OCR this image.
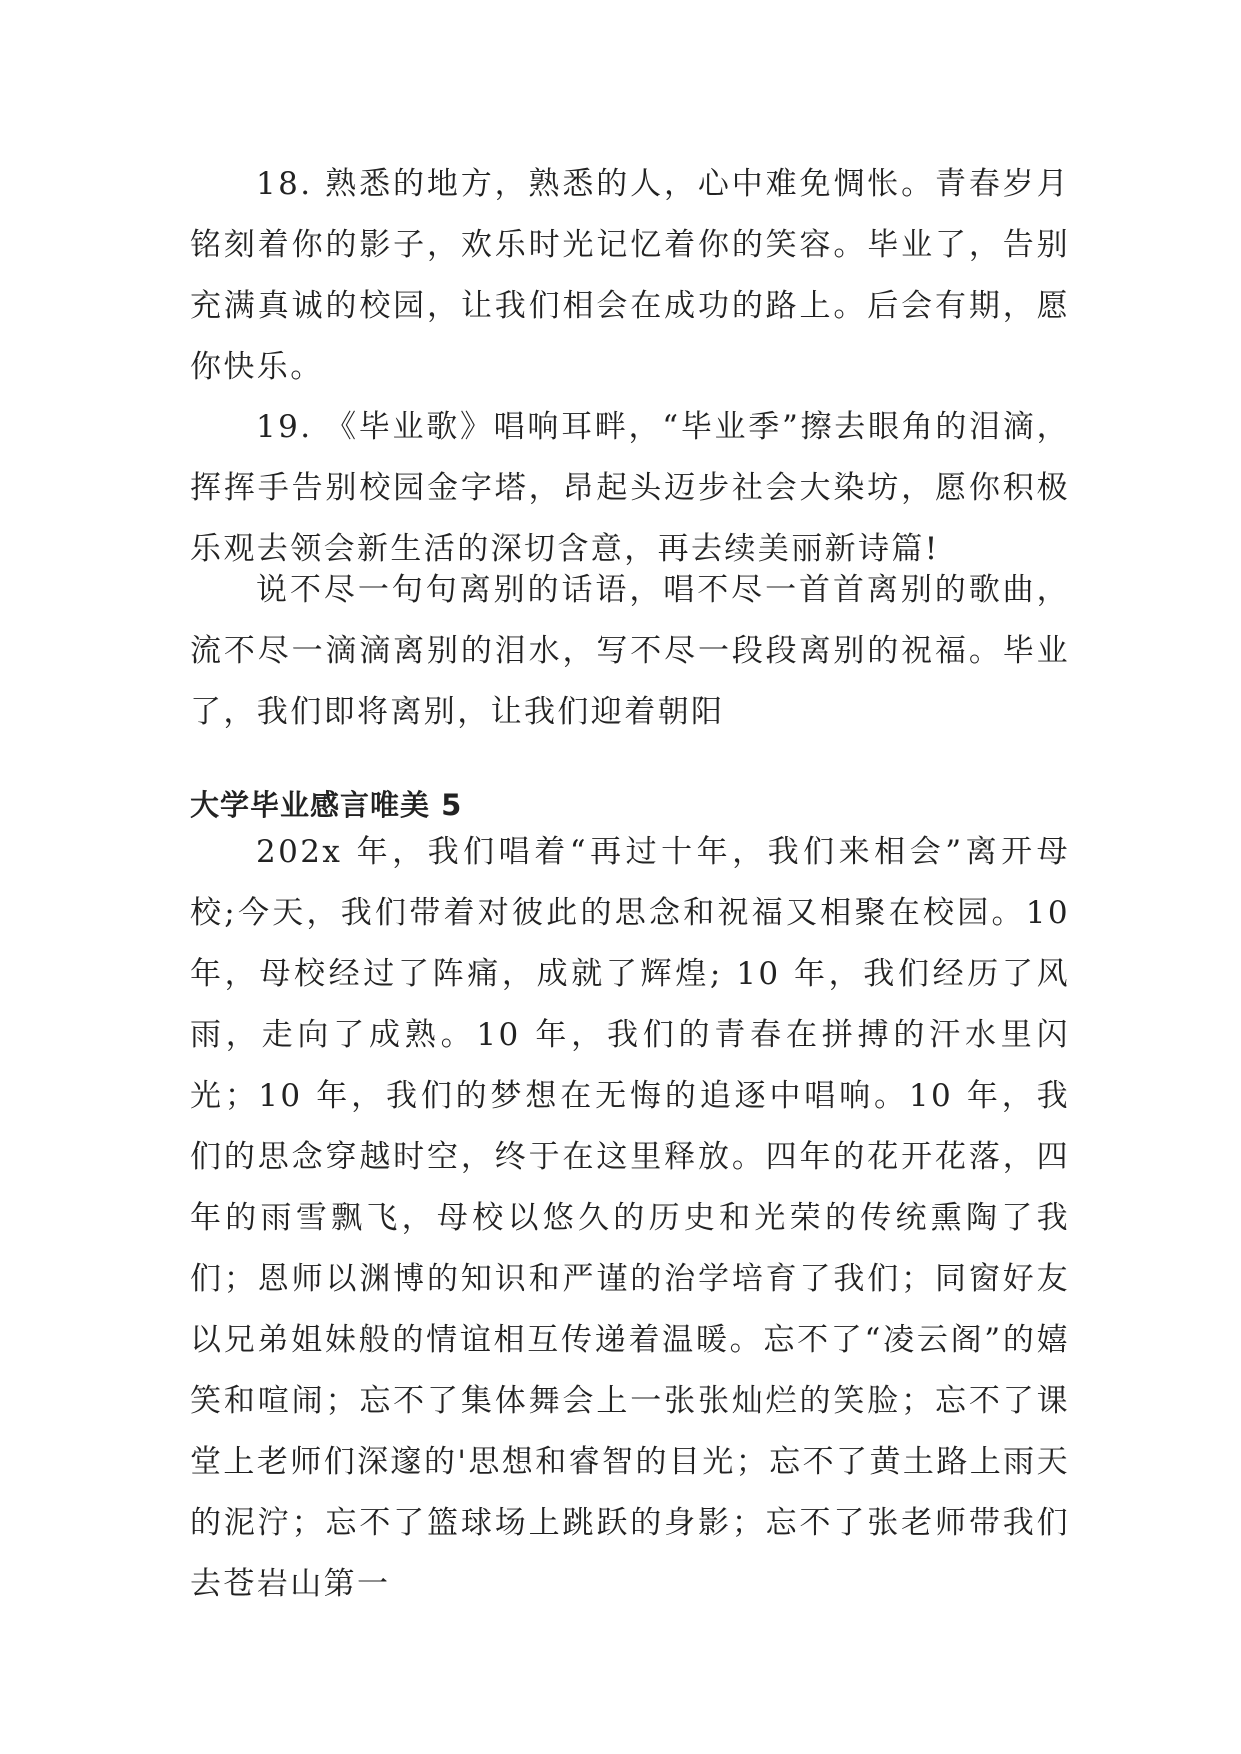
18. 熟悉的地方，熟悉的人，心中难免惆怅。青春岁月铭刻着你的影子，欢乐时光记忆着你的笑容。毕业了，告别充满真诚的校园，让我们相会在成功的路上。后会有期，愿你快乐。

19. 《毕业歌》唱响耳畔，“毕业季”擦去眼角的泪滴，挥挥手告别校园金字塔，昂起头迈步社会大染坊，愿你积极乐观去领会新生活的深切含意，再去续美丽新诗篇!

说不尽一句句离别的话语，唱不尽一首首离别的歌曲，流不尽一滴滴离别的泪水，写不尽一段段离别的祝福。毕业了，我们即将离别，让我们迎着朝阳

大学毕业感言唯美 5

202x 年，我们唱着“再过十年，我们来相会”离开母校;今天，我们带着对彼此的思念和祝福又相聚在校园。10 年，母校经过了阵痛，成就了辉煌; 10 年，我们经历了风雨，走向了成熟。10 年，我们的青春在拼搏的汗水里闪光；10 年，我们的梦想在无悔的追逐中唱响。10 年，我们的思念穿越时空，终于在这里释放。四年的花开花落，四年的雨雪飘飞，母校以悠久的历史和光荣的传统熏陶了我们；恩师以渊博的知识和严谨的治学培育了我们；同窗好友以兄弟姐妹般的情谊相互传递着温暖。忘不了“凌云阁”的嬉笑和喧闹；忘不了集体舞会上一张张灿烂的笑脸；忘不了课堂上老师们深邃的'思想和睿智的目光；忘不了黄土路上雨天的泥泞；忘不了篮球场上跳跃的身影；忘不了张老师带我们去苍岩山第一
